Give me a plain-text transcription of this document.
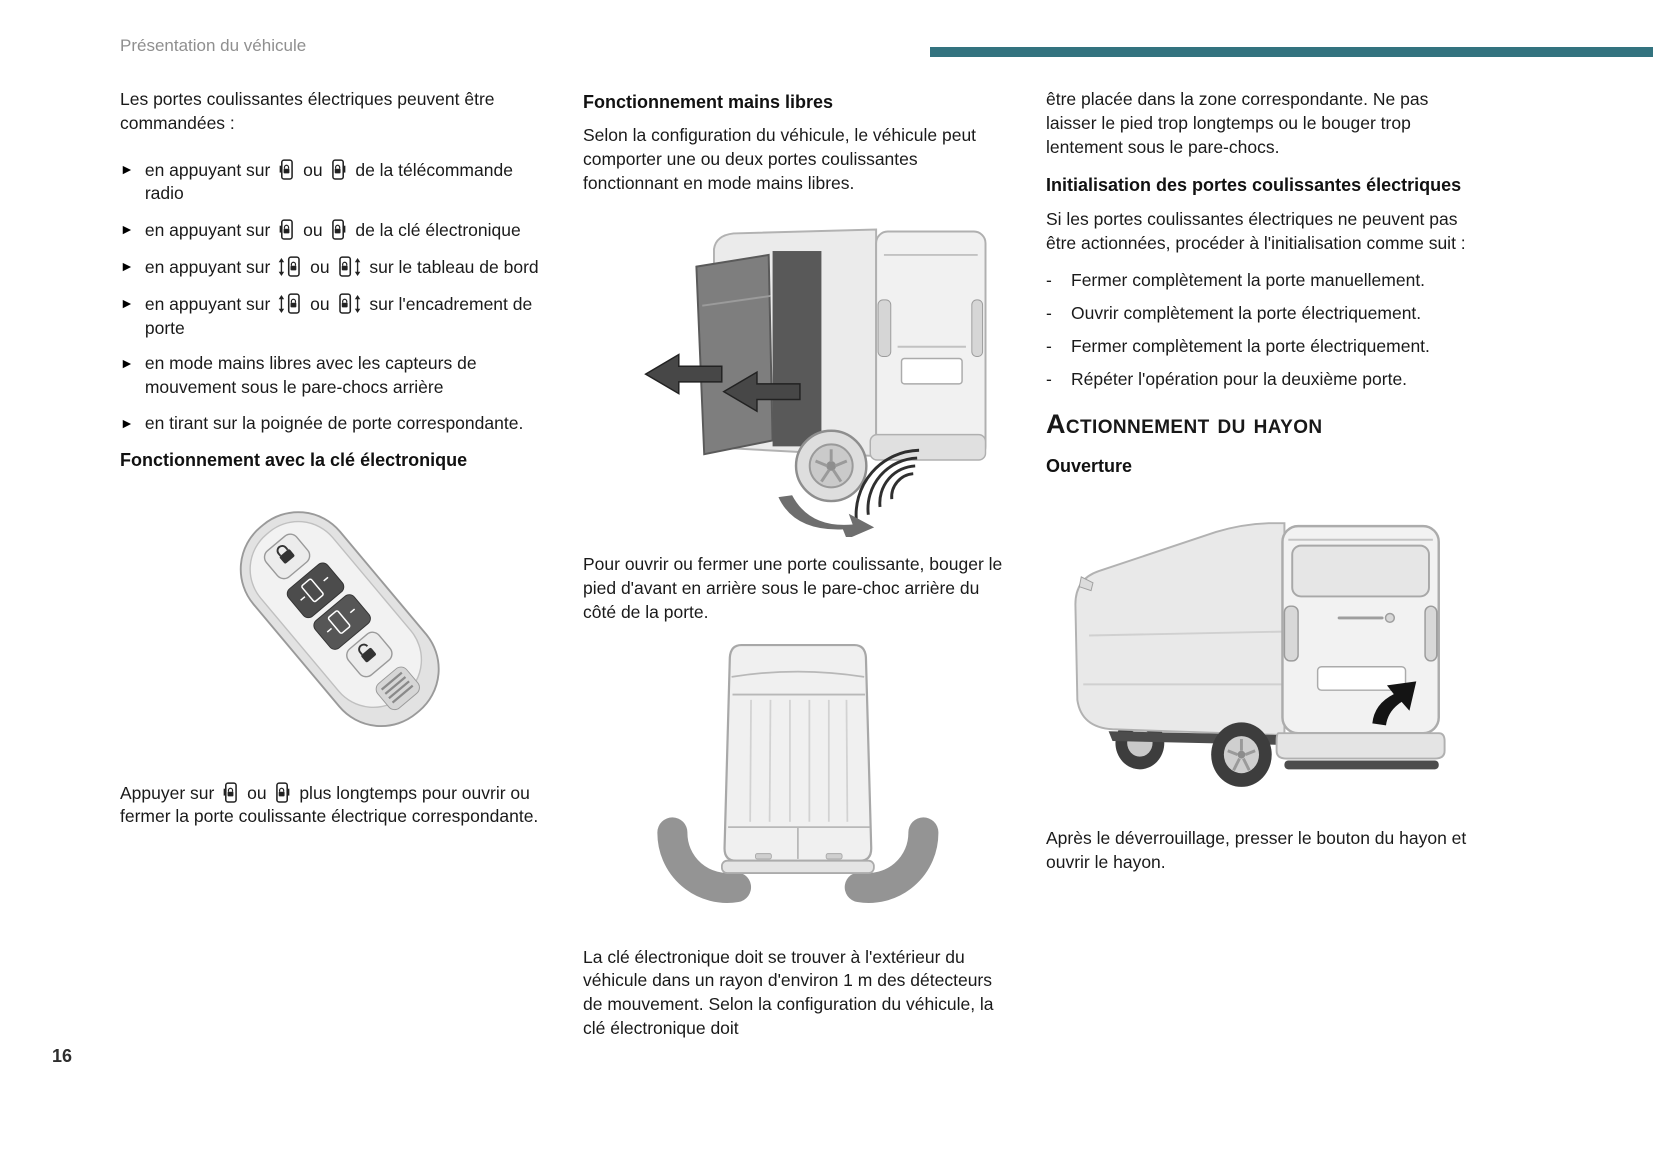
Présentation du véhicule

Les portes coulissantes électriques peuvent être commandées :

► en appuyant sur ou de la télécommande radio
► en appuyant sur ou de la clé électronique
► en appuyant sur ou sur le tableau de bord
► en appuyant sur ou sur l'encadrement de porte
► en mode mains libres avec les capteurs de mouvement sous le pare-chocs arrière
► en tirant sur la poignée de porte correspondante.
Fonctionnement avec la clé électronique

Appuyer sur ou plus longtemps pour ouvrir ou fermer la porte coulissante électrique correspondante.

Fonctionnement mains libres

Selon la configuration du véhicule, le véhicule peut comporter une ou deux portes coulissantes fonctionnant en mode mains libres.

Pour ouvrir ou fermer une porte coulissante, bouger le pied d'avant en arrière sous le pare-choc arrière du côté de la porte.

La clé électronique doit se trouver à l'extérieur du véhicule dans un rayon d'environ 1 m des détecteurs de mouvement. Selon la configuration du véhicule, la clé électronique doit

être placée dans la zone correspondante. Ne pas laisser le pied trop longtemps ou le bouger trop lentement sous le pare-chocs.

Initialisation des portes coulissantes électriques

Si les portes coulissantes électriques ne peuvent pas être actionnées, procéder à l'initialisation comme suit :

-	Fermer complètement la porte manuellement.
-	Ouvrir complètement la porte électriquement.
-	Fermer complètement la porte électriquement.
-	Répéter l'opération pour la deuxième porte.
Actionnement du hayon
Ouverture

Après le déverrouillage, presser le bouton du hayon et ouvrir le hayon.

16
